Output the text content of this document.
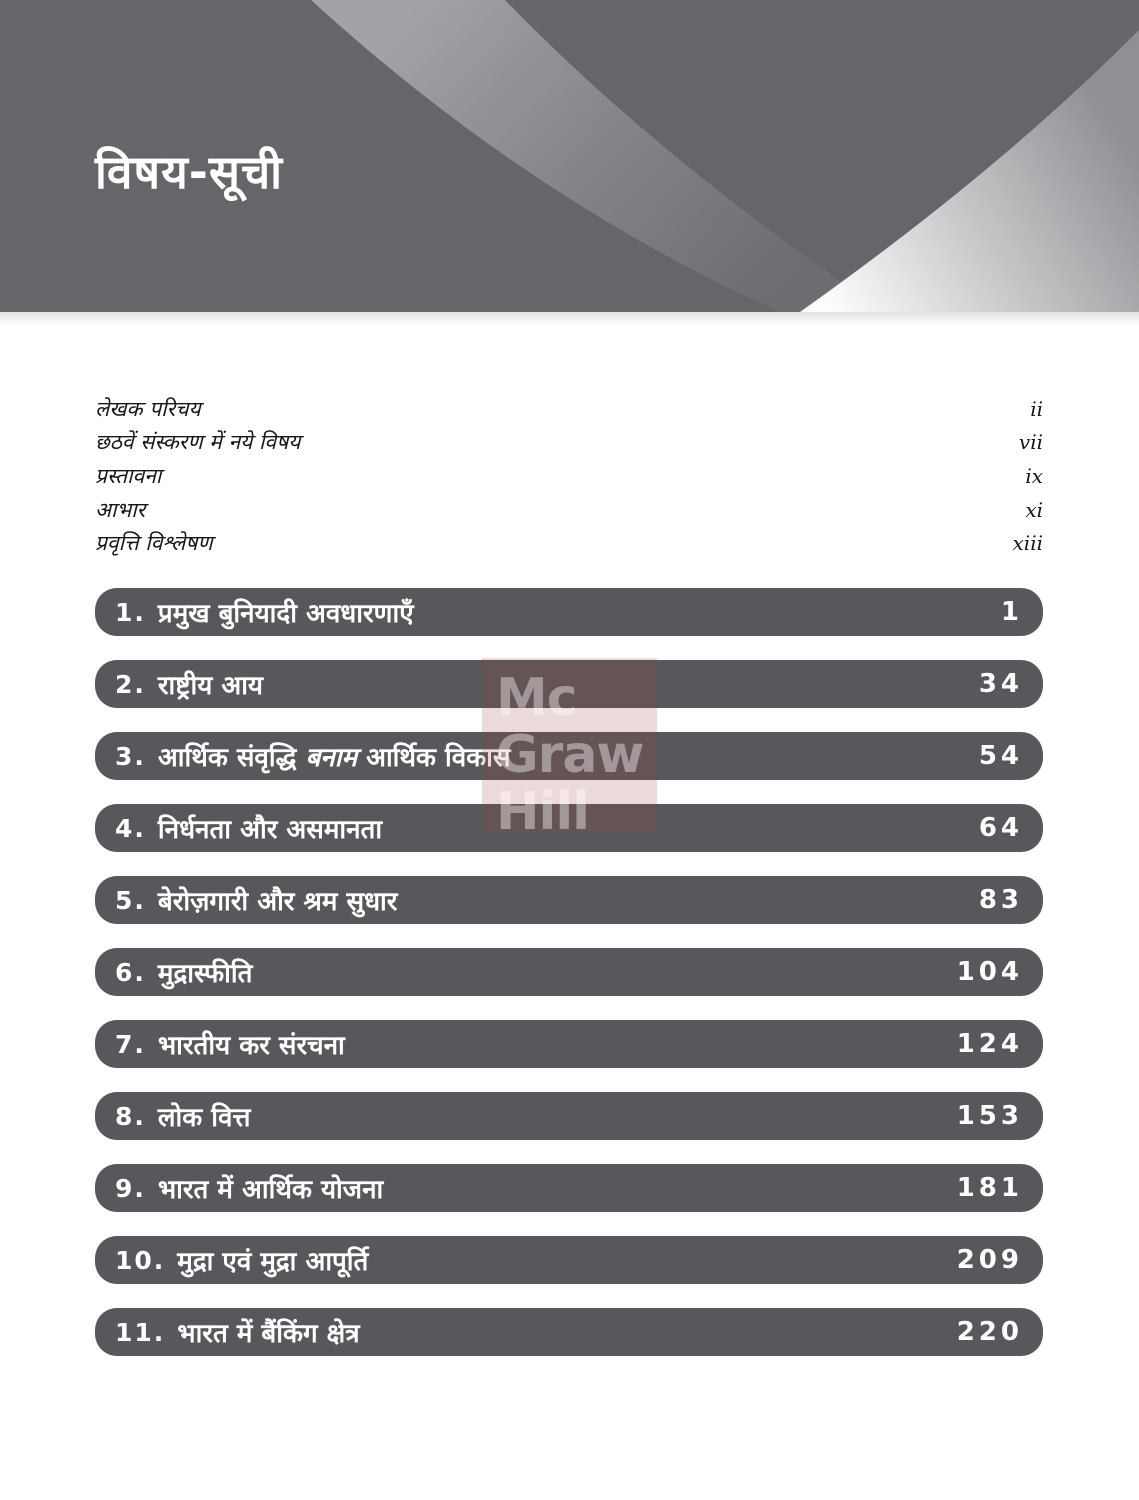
विषय-सूची
लेखक परिचय	ii
छठवें संस्करण में नये विषय	vii
प्रस्तावना	ix
आभार	xi
प्रवृत्ति विश्लेषण	xiii
1. प्रमुख बुनियादी अवधारणाएँ	1
2. राष्ट्रीय आय	34
3. आर्थिक संवृद्धि बनाम आर्थिक विकास	54
4. निर्धनता और असमानता	64
5. बेरोज़गारी और श्रम सुधार	83
6. मुद्रास्फीति	104
7. भारतीय कर संरचना	124
8. लोक वित्त	153
9. भारत में आर्थिक योजना	181
10. मुद्रा एवं मुद्रा आपूर्ति	209
11. भारत में बैंकिंग क्षेत्र	220
Mc
Graw
Hill
